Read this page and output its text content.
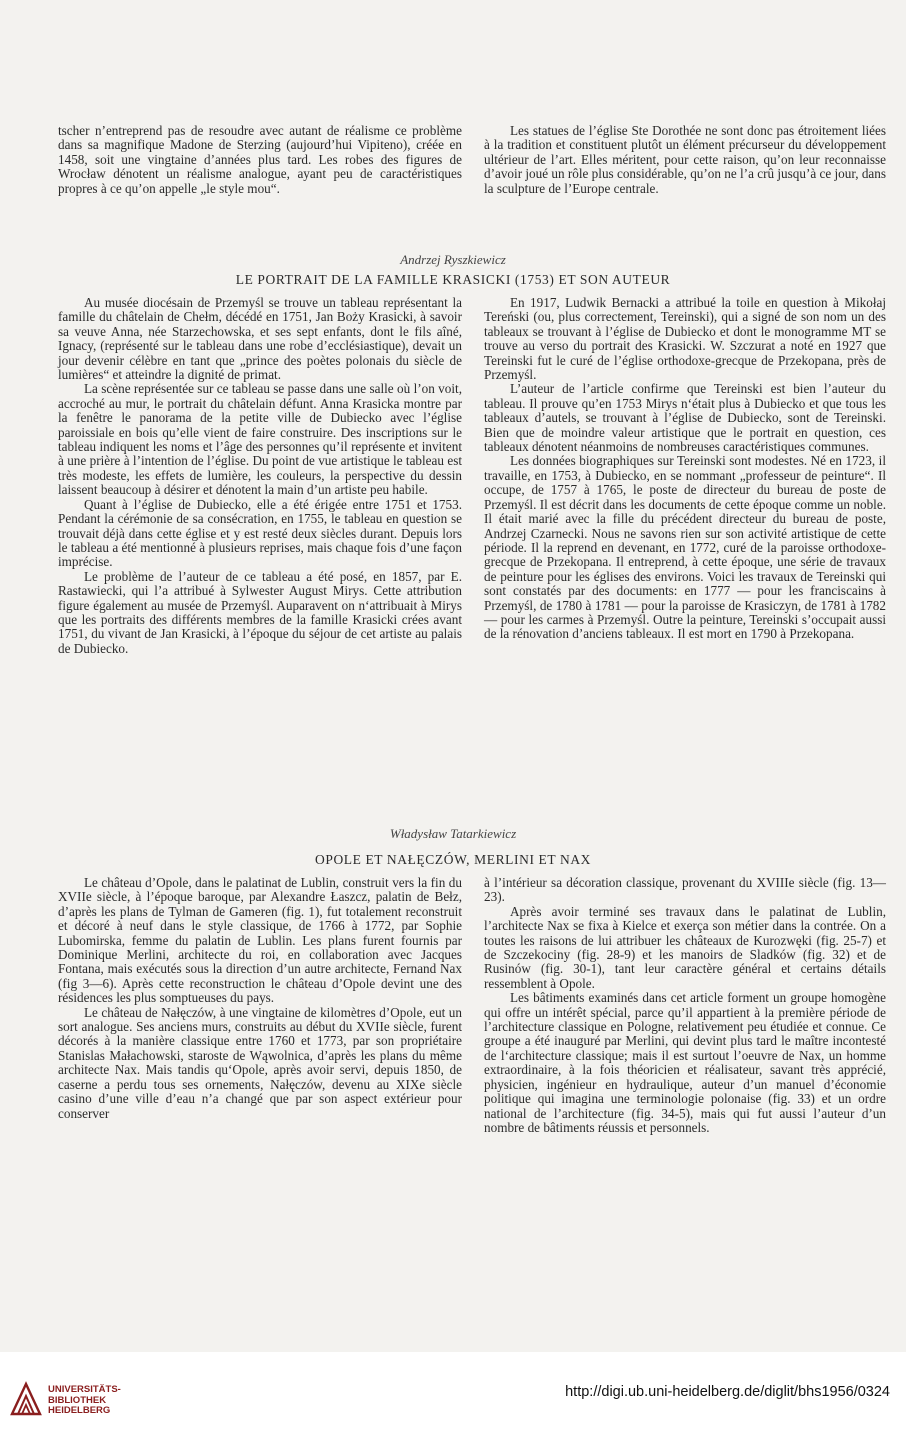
tscher n’entreprend pas de resoudre avec autant de réalisme ce problème dans sa magnifique Madone de Sterzing (aujourd’hui Vipiteno), créée en 1458, soit une vingtaine d’années plus tard. Les robes des figures de Wrocław dénotent un réalisme analogue, ayant peu de caractéristiques propres à ce qu’on appelle „le style mou“.

Les statues de l’église Ste Dorothée ne sont donc pas étroitement liées à la tradition et constituent plutôt un élément précurseur du développement ultérieur de l’art. Elles méritent, pour cette raison, qu’on leur reconnaisse d’avoir joué un rôle plus considérable, qu’on ne l’a crû jusqu’à ce jour, dans la sculpture de l’Europe centrale.

Andrzej Ryszkiewicz
LE PORTRAIT DE LA FAMILLE KRASICKI (1753) ET SON AUTEUR

Au musée diocésain de Przemyśl se trouve un tableau représentant la famille du châtelain de Chełm, décédé en 1751, Jan Boży Krasicki, à savoir sa veuve Anna, née Starzechowska, et ses sept enfants, dont le fils aîné, Ignacy, (représenté sur le tableau dans une robe d’ecclésiastique), devait un jour devenir célèbre en tant que „prince des poètes polonais du siècle de lumières“ et atteindre la dignité de primat.

La scène représentée sur ce tableau se passe dans une salle où l’on voit, accroché au mur, le portrait du châtelain défunt. Anna Krasicka montre par la fenêtre le panorama de la petite ville de Dubiecko avec l’église paroissiale en bois qu’elle vient de faire construire. Des inscriptions sur le tableau indiquent les noms et l’âge des personnes qu’il représente et invitent à une prière à l’intention de l’église. Du point de vue artistique le tableau est très modeste, les effets de lumière, les couleurs, la perspective du dessin laissent beaucoup à désirer et dénotent la main d’un artiste peu habile.

Quant à l’église de Dubiecko, elle a été érigée entre 1751 et 1753. Pendant la cérémonie de sa consécration, en 1755, le tableau en question se trouvait déjà dans cette église et y est resté deux siècles durant. Depuis lors le tableau a été mentionné à plusieurs reprises, mais chaque fois d’une façon imprécise.

Le problème de l’auteur de ce tableau a été posé, en 1857, par E. Rastawiecki, qui l’a attribué à Sylwester August Mirys. Cette attribution figure également au musée de Przemyśl. Auparavent on n‘attribuait à Mirys que les portraits des différents membres de la famille Krasicki crées avant 1751, du vivant de Jan Krasicki, à l’époque du séjour de cet artiste au palais de Dubiecko.

En 1917, Ludwik Bernacki a attribué la toile en question à Mikołaj Tereński (ou, plus correctement, Tereinski), qui a signé de son nom un des tableaux se trouvant à l’église de Dubiecko et dont le monogramme MT se trouve au verso du portrait des Krasicki. W. Szczurat a noté en 1927 que Tereinski fut le curé de l’église orthodoxe-grecque de Przekopana, près de Przemyśl.

L’auteur de l’article confirme que Tereinski est bien l’auteur du tableau. Il prouve qu’en 1753 Mirys n‘était plus à Dubiecko et que tous les tableaux d’autels, se trouvant à l’église de Dubiecko, sont de Tereinski. Bien que de moindre valeur artistique que le portrait en question, ces tableaux dénotent néanmoins de nombreuses caractéristiques communes.

Les données biographiques sur Tereinski sont modestes. Né en 1723, il travaille, en 1753, à Dubiecko, en se nommant „professeur de peinture“. Il occupe, de 1757 à 1765, le poste de directeur du bureau de poste de Przemyśl. Il est décrit dans les documents de cette époque comme un noble. Il était marié avec la fille du précédent directeur du bureau de poste, Andrzej Czarnecki. Nous ne savons rien sur son activité artistique de cette période. Il la reprend en devenant, en 1772, curé de la paroisse orthodoxe-grecque de Przekopana. Il entreprend, à cette époque, une série de travaux de peinture pour les églises des environs. Voici les travaux de Tereinski qui sont constatés par des documents: en 1777 — pour les franciscains à Przemyśl, de 1780 à 1781 — pour la paroisse de Krasiczyn, de 1781 à 1782 — pour les carmes à Przemyśl. Outre la peinture, Tereinski s’occupait aussi de la rénovation d’anciens tableaux. Il est mort en 1790 à Przekopana.

Władysław Tatarkiewicz
OPOLE ET NAŁĘCZÓW, MERLINI ET NAX

Le château d’Opole, dans le palatinat de Lublin, construit vers la fin du XVIIe siècle, à l’époque baroque, par Alexandre Łaszcz, palatin de Bełz, d’après les plans de Tylman de Gameren (fig. 1), fut totalement reconstruit et décoré à neuf dans le style classique, de 1766 à 1772, par Sophie Lubomirska, femme du palatin de Lublin. Les plans furent fournis par Dominique Merlini, architecte du roi, en collaboration avec Jacques Fontana, mais exécutés sous la direction d’un autre architecte, Fernand Nax (fig 3—6). Après cette reconstruction le château d’Opole devint une des résidences les plus somptueuses du pays.

Le château de Nałęczów, à une vingtaine de kilomètres d’Opole, eut un sort analogue. Ses anciens murs, construits au début du XVIIe siècle, furent décorés à la manière classique entre 1760 et 1773, par son propriétaire Stanislas Małachowski, staroste de Wąwolnica, d’après les plans du même architecte Nax. Mais tandis qu‘Opole, après avoir servi, depuis 1850, de caserne a perdu tous ses ornements, Nałęczów, devenu au XIXe siècle casino d’une ville d’eau n’a changé que par son aspect extérieur pour conserver

à l’intérieur sa décoration classique, provenant du XVIIIe siècle (fig. 13—23).

Après avoir terminé ses travaux dans le palatinat de Lublin, l’architecte Nax se fixa à Kielce et exerça son métier dans la contrée. On a toutes les raisons de lui attribuer les châteaux de Kurozwęki (fig. 25-7) et de Szczekociny (fig. 28-9) et les manoirs de Sladków (fig. 32) et de Rusinów (fig. 30-1), tant leur caractère général et certains détails ressemblent à Opole.

Les bâtiments examinés dans cet article forment un groupe homogène qui offre un intérêt spécial, parce qu’il appartient à la première période de l’architecture classique en Pologne, relativement peu étudiée et connue. Ce groupe a été inauguré par Merlini, qui devint plus tard le maître incontesté de l‘architecture classique; mais il est surtout l’oeuvre de Nax, un homme extraordinaire, à la fois théoricien et réalisateur, savant très apprécié, physicien, ingénieur en hydraulique, auteur d’un manuel d’économie politique qui imagina une terminologie polonaise (fig. 33) et un ordre national de l’architecture (fig. 34-5), mais qui fut aussi l’auteur d’un nombre de bâtiments réussis et personnels.

UNIVERSITÄTS-
BIBLIOTHEK
HEIDELBERG
http://digi.ub.uni-heidelberg.de/diglit/bhs1956/0324
